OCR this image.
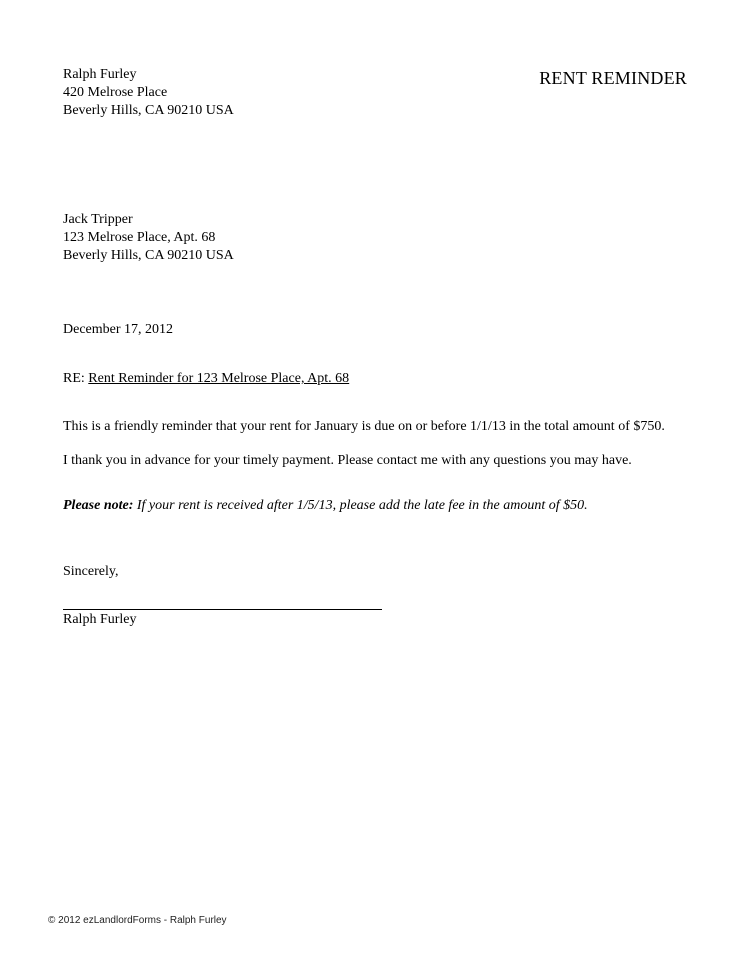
Ralph Furley
420 Melrose Place
Beverly Hills, CA 90210 USA
RENT REMINDER
Jack Tripper
123 Melrose Place, Apt. 68
Beverly Hills, CA 90210 USA
December 17, 2012
RE: Rent Reminder for 123 Melrose Place, Apt. 68
This is a friendly reminder that your rent for January is due on or before 1/1/13 in the total amount of $750.
I thank you in advance for your timely payment. Please contact me with any questions you may have.
Please note: If your rent is received after 1/5/13, please add the late fee in the amount of $50.
Sincerely,
Ralph Furley
© 2012 ezLandlordForms - Ralph Furley
